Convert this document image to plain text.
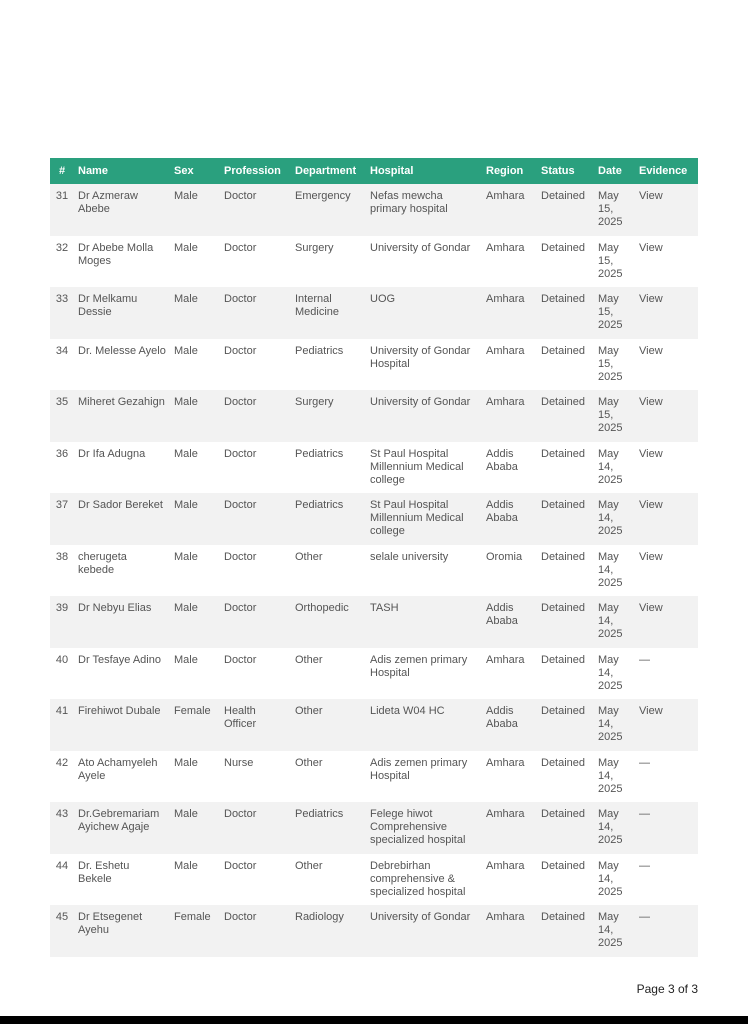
#	Name	Sex	Profession	Department	Hospital	Region	Status	Date	Evidence
31	Dr Azmeraw Abebe	Male	Doctor	Emergency	Nefas mewcha primary hospital	Amhara	Detained	May 15, 2025	View
32	Dr Abebe Molla Moges	Male	Doctor	Surgery	University of Gondar	Amhara	Detained	May 15, 2025	View
33	Dr Melkamu Dessie	Male	Doctor	Internal Medicine	UOG	Amhara	Detained	May 15, 2025	View
34	Dr. Melesse Ayelo	Male	Doctor	Pediatrics	University of Gondar Hospital	Amhara	Detained	May 15, 2025	View
35	Miheret Gezahign	Male	Doctor	Surgery	University of Gondar	Amhara	Detained	May 15, 2025	View
36	Dr Ifa Adugna	Male	Doctor	Pediatrics	St Paul Hospital Millennium Medical college	Addis Ababa	Detained	May 14, 2025	View
37	Dr Sador Bereket	Male	Doctor	Pediatrics	St Paul Hospital Millennium Medical college	Addis Ababa	Detained	May 14, 2025	View
38	cherugeta kebede	Male	Doctor	Other	selale university	Oromia	Detained	May 14, 2025	View
39	Dr Nebyu Elias	Male	Doctor	Orthopedic	TASH	Addis Ababa	Detained	May 14, 2025	View
40	Dr Tesfaye Adino	Male	Doctor	Other	Adis zemen primary Hospital	Amhara	Detained	May 14, 2025	—
41	Firehiwot Dubale	Female	Health Officer	Other	Lideta W04 HC	Addis Ababa	Detained	May 14, 2025	View
42	Ato Achamyeleh Ayele	Male	Nurse	Other	Adis zemen primary Hospital	Amhara	Detained	May 14, 2025	—
43	Dr.Gebremariam Ayichew Agaje	Male	Doctor	Pediatrics	Felege hiwot Comprehensive specialized hospital	Amhara	Detained	May 14, 2025	—
44	Dr. Eshetu Bekele	Male	Doctor	Other	Debrebirhan comprehensive & specialized hospital	Amhara	Detained	May 14, 2025	—
45	Dr Etsegenet Ayehu	Female	Doctor	Radiology	University of Gondar	Amhara	Detained	May 14, 2025	—
Page 3 of 3
